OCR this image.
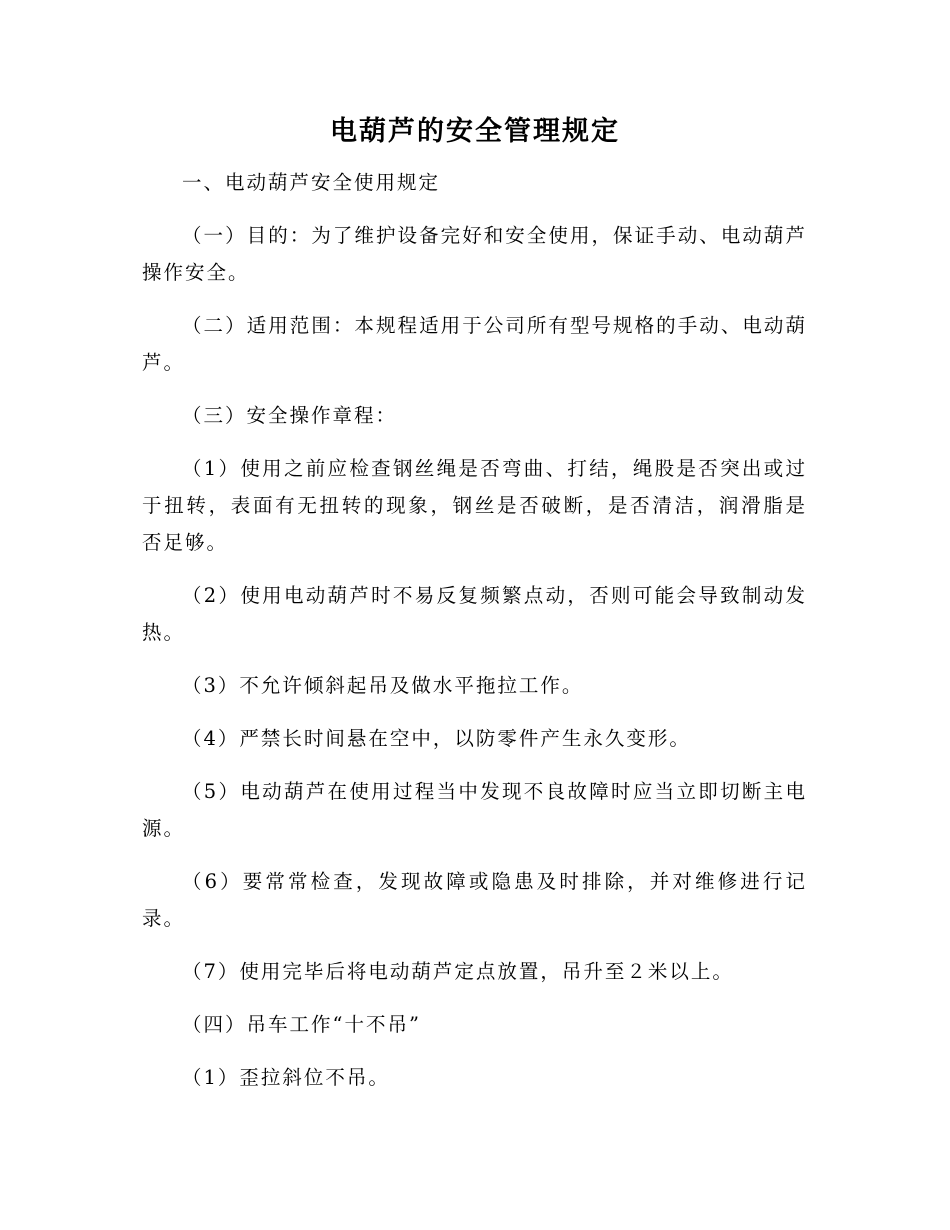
电葫芦的安全管理规定

一、电动葫芦安全使用规定

（一）目的：为了维护设备完好和安全使用，保证手动、电动葫芦操作安全。

（二）适用范围：本规程适用于公司所有型号规格的手动、电动葫芦。

（三）安全操作章程：

（1）使用之前应检查钢丝绳是否弯曲、打结，绳股是否突出或过于扭转，表面有无扭转的现象，钢丝是否破断，是否清洁，润滑脂是否足够。

（2）使用电动葫芦时不易反复频繁点动，否则可能会导致制动发热。

（3）不允许倾斜起吊及做水平拖拉工作。

（4）严禁长时间悬在空中，以防零件产生永久变形。

（5）电动葫芦在使用过程当中发现不良故障时应当立即切断主电源。

（6）要常常检查，发现故障或隐患及时排除，并对维修进行记录。

（7）使用完毕后将电动葫芦定点放置，吊升至２米以上。

（四）吊车工作“十不吊”

（1）歪拉斜位不吊。
